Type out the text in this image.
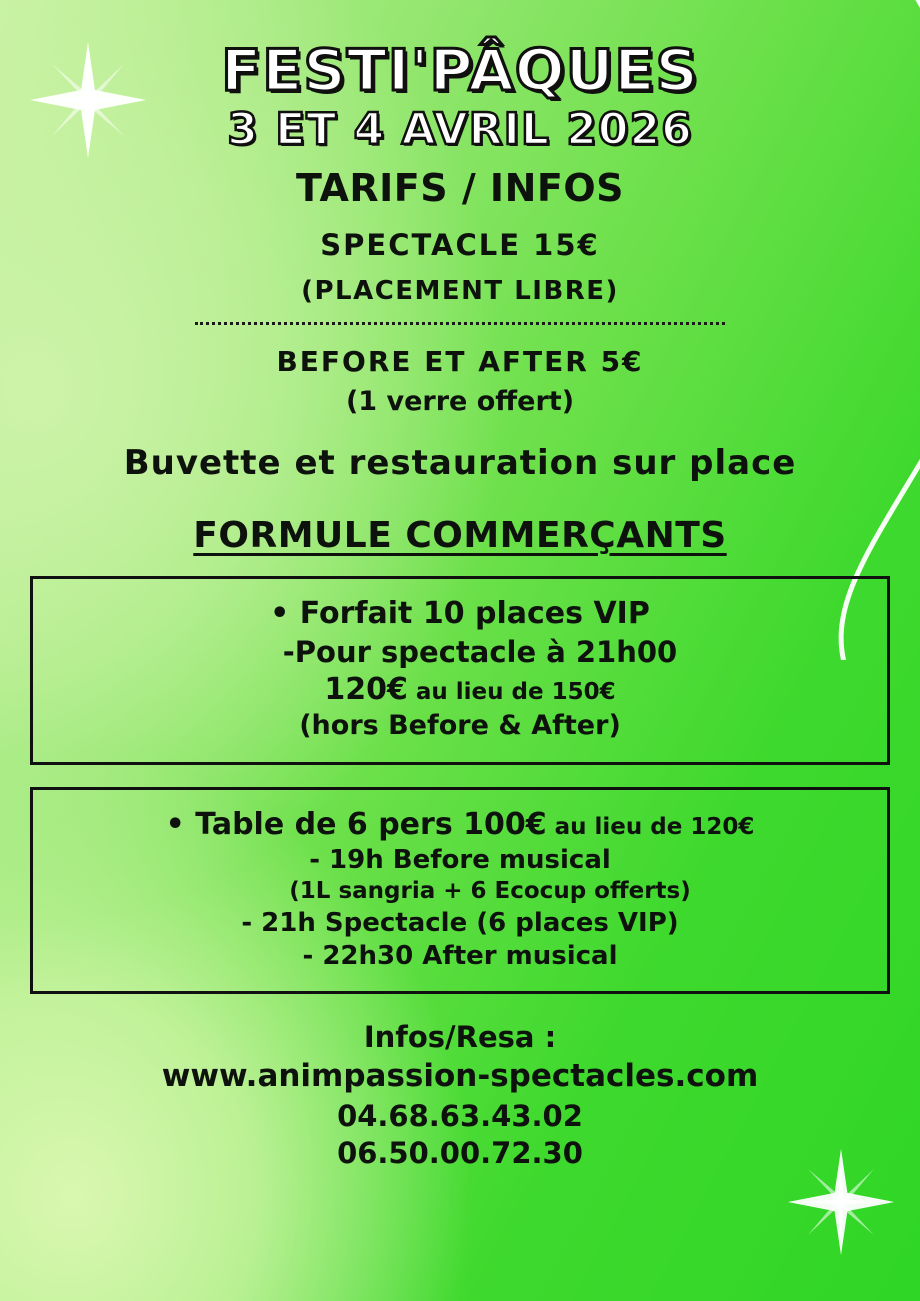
FESTI'PÂQUES
3 ET 4 AVRIL 2026
TARIFS / INFOS

SPECTACLE 15€

(PLACEMENT LIBRE)

BEFORE ET AFTER 5€

(1 verre offert)

Buvette et restauration sur place

FORMULE COMMERÇANTS
• Forfait 10 places VIP
-Pour spectacle à 21h00
120€ au lieu de 150€
(hors Before & After)
• Table de 6 pers 100€ au lieu de 120€
- 19h Before musical
(1L sangria + 6 Ecocup offerts)
- 21h Spectacle (6 places VIP)
- 22h30 After musical
Infos/Resa :
www.animpassion-spectacles.com
04.68.63.43.02
06.50.00.72.30
